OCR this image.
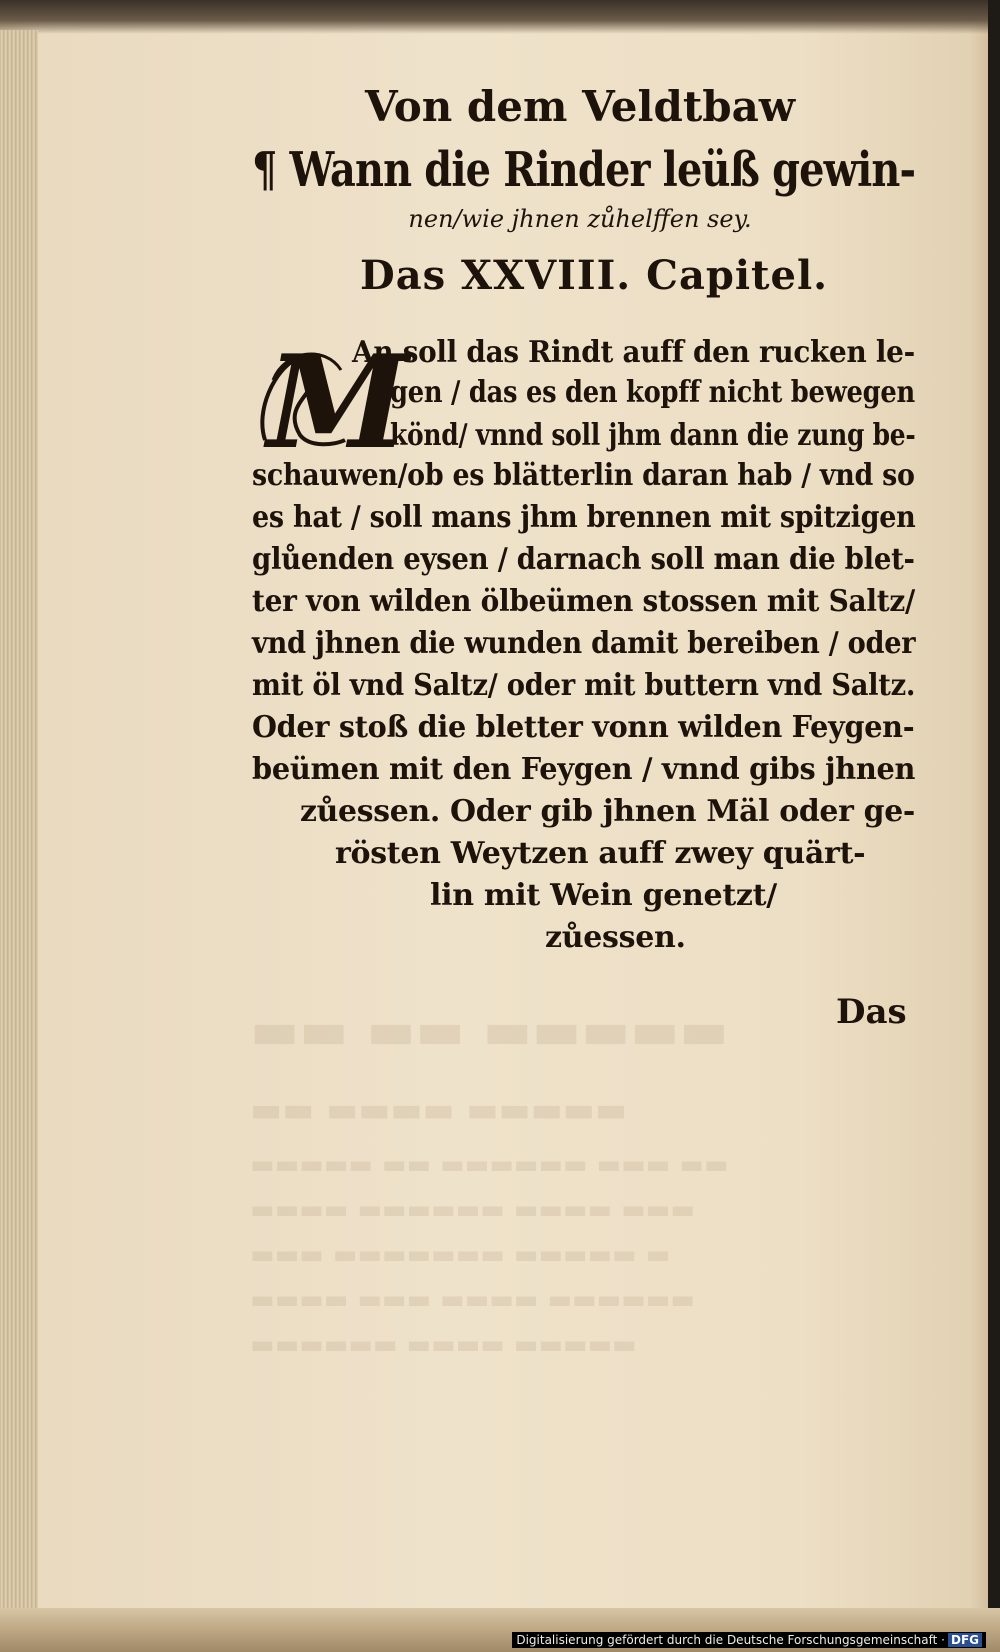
▬▬ ▬▬ ▬▬▬▬▬
▬▬ ▬▬▬▬ ▬▬▬▬▬
▬▬▬▬▬ ▬▬ ▬▬▬▬▬▬ ▬▬▬ ▬▬
▬▬▬▬ ▬▬▬▬▬▬ ▬▬▬▬ ▬▬▬
▬▬▬ ▬▬▬▬▬▬▬ ▬▬▬▬▬ ▬
▬▬▬▬ ▬▬▬ ▬▬▬▬ ▬▬▬▬▬▬
▬▬▬▬▬▬ ▬▬▬▬ ▬▬▬▬▬
Von dem Veldtbaw
¶ Wann die Rinder leüß gewin-
nen/wie jhnen zůhelffen sey.
Das XXVIII. Capitel.
M
An soll das Rindt auff den rucken le-
gen / das es den kopff nicht bewegen
könd/ vnnd soll jhm dann die zung be-
schauwen/ob es blätterlin daran hab / vnd so
es hat / soll mans jhm brennen mit spitzigen
glůenden eysen / darnach soll man die blet-
ter von wilden ölbeümen stossen mit Saltz/
vnd jhnen die wunden damit bereiben / oder
mit öl vnd Saltz/ oder mit buttern vnd Saltz.
Oder stoß die bletter vonn wilden Feygen-
beümen mit den Feygen / vnnd gibs jhnen
zůessen. Oder gib jhnen Mäl oder ge-
rösten Weytzen auff zwey quärt-
lin mit Wein genetzt/
zůessen.
Das
Digitalisierung gefördert durch die Deutsche Forschungsgemeinschaft · DFG
